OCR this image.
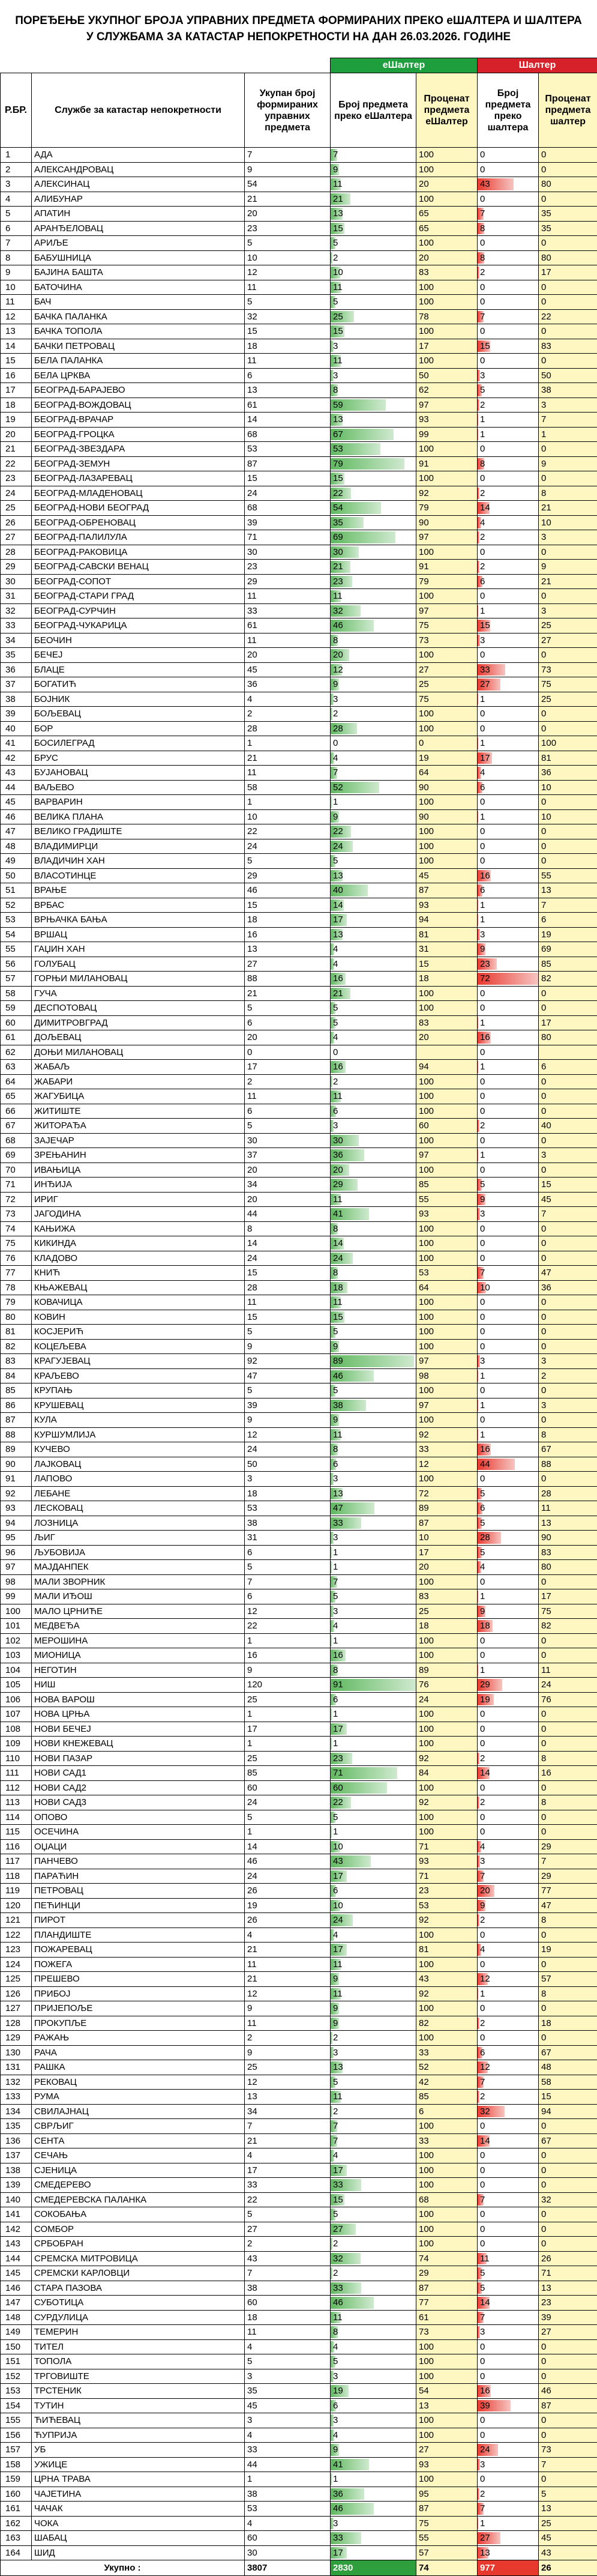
ПОРЕЂЕЊЕ УКУПНОГ БРОЈА УПРАВНИХ ПРЕДМЕТА ФОРМИРАНИХ ПРЕКО еШАЛТЕРА И ШАЛТЕРА У СЛУЖБАМА ЗА КАТАСТАР НЕПОКРЕТНОСТИ НА ДАН 26.03.2026. ГОДИНЕ
			еШалтер		Шалтер	
Р.БР.	Службе за катастар непокретности	Укупан број формираних управних предмета	Број предмета преко еШалтера	Проценат предмета еШалтер	Број предмета преко шалтера	Проценат предмета шалтер
1	АДА	7	7	100	0	0
2	АЛЕКСАНДРОВАЦ	9	9	100	0	0
3	АЛЕКСИНАЦ	54	11	20	43	80
4	АЛИБУНАР	21	21	100	0	0
5	АПАТИН	20	13	65	7	35
6	АРАНЂЕЛОВАЦ	23	15	65	8	35
7	АРИЉЕ	5	5	100	0	0
8	БАБУШНИЦА	10	2	20	8	80
9	БАЈИНА БАШТА	12	10	83	2	17
10	БАТОЧИНА	11	11	100	0	0
11	БАЧ	5	5	100	0	0
12	БАЧКА ПАЛАНКА	32	25	78	7	22
13	БАЧКА ТОПОЛА	15	15	100	0	0
14	БАЧКИ ПЕТРОВАЦ	18	3	17	15	83
15	БЕЛА ПАЛАНКА	11	11	100	0	0
16	БЕЛА ЦРКВА	6	3	50	3	50
17	БЕОГРАД-БАРАЈЕВО	13	8	62	5	38
18	БЕОГРАД-ВОЖДОВАЦ	61	59	97	2	3
19	БЕОГРАД-ВРАЧАР	14	13	93	1	7
20	БЕОГРАД-ГРОЦКА	68	67	99	1	1
21	БЕОГРАД-ЗВЕЗДАРА	53	53	100	0	0
22	БЕОГРАД-ЗЕМУН	87	79	91	8	9
23	БЕОГРАД-ЛАЗАРЕВАЦ	15	15	100	0	0
24	БЕОГРАД-МЛАДЕНОВАЦ	24	22	92	2	8
25	БЕОГРАД-НОВИ БЕОГРАД	68	54	79	14	21
26	БЕОГРАД-ОБРЕНОВАЦ	39	35	90	4	10
27	БЕОГРАД-ПАЛИЛУЛА	71	69	97	2	3
28	БЕОГРАД-РАКОВИЦА	30	30	100	0	0
29	БЕОГРАД-САВСКИ ВЕНАЦ	23	21	91	2	9
30	БЕОГРАД-СОПОТ	29	23	79	6	21
31	БЕОГРАД-СТАРИ ГРАД	11	11	100	0	0
32	БЕОГРАД-СУРЧИН	33	32	97	1	3
33	БЕОГРАД-ЧУКАРИЦА	61	46	75	15	25
34	БЕОЧИН	11	8	73	3	27
35	БЕЧЕЈ	20	20	100	0	0
36	БЛАЦЕ	45	12	27	33	73
37	БОГАТИЋ	36	9	25	27	75
38	БОЈНИК	4	3	75	1	25
39	БОЉЕВАЦ	2	2	100	0	0
40	БОР	28	28	100	0	0
41	БОСИЛЕГРАД	1	0	0	1	100
42	БРУС	21	4	19	17	81
43	БУЈАНОВАЦ	11	7	64	4	36
44	ВАЉЕВО	58	52	90	6	10
45	ВАРВАРИН	1	1	100	0	0
46	ВЕЛИКА ПЛАНА	10	9	90	1	10
47	ВЕЛИКО ГРАДИШТЕ	22	22	100	0	0
48	ВЛАДИМИРЦИ	24	24	100	0	0
49	ВЛАДИЧИН ХАН	5	5	100	0	0
50	ВЛАСОТИНЦЕ	29	13	45	16	55
51	ВРАЊЕ	46	40	87	6	13
52	ВРБАС	15	14	93	1	7
53	ВРЊАЧКА БАЊА	18	17	94	1	6
54	ВРШАЦ	16	13	81	3	19
55	ГАЏИН ХАН	13	4	31	9	69
56	ГОЛУБАЦ	27	4	15	23	85
57	ГОРЊИ МИЛАНОВАЦ	88	16	18	72	82
58	ГУЧА	21	21	100	0	0
59	ДЕСПОТОВАЦ	5	5	100	0	0
60	ДИМИТРОВГРАД	6	5	83	1	17
61	ДОЉЕВАЦ	20	4	20	16	80
62	ДОЊИ МИЛАНОВАЦ	0	0		0	
63	ЖАБАЉ	17	16	94	1	6
64	ЖАБАРИ	2	2	100	0	0
65	ЖАГУБИЦА	11	11	100	0	0
66	ЖИТИШТЕ	6	6	100	0	0
67	ЖИТОРАЂА	5	3	60	2	40
68	ЗАЈЕЧАР	30	30	100	0	0
69	ЗРЕЊАНИН	37	36	97	1	3
70	ИВАЊИЦА	20	20	100	0	0
71	ИНЂИЈА	34	29	85	5	15
72	ИРИГ	20	11	55	9	45
73	ЈАГОДИНА	44	41	93	3	7
74	КАЊИЖА	8	8	100	0	0
75	КИКИНДА	14	14	100	0	0
76	КЛАДОВО	24	24	100	0	0
77	КНИЋ	15	8	53	7	47
78	КЊАЖЕВАЦ	28	18	64	10	36
79	КОВАЧИЦА	11	11	100	0	0
80	КОВИН	15	15	100	0	0
81	КОСЈЕРИЋ	5	5	100	0	0
82	КОЦЕЉЕВА	9	9	100	0	0
83	КРАГУЈЕВАЦ	92	89	97	3	3
84	КРАЉЕВО	47	46	98	1	2
85	КРУПАЊ	5	5	100	0	0
86	КРУШЕВАЦ	39	38	97	1	3
87	КУЛА	9	9	100	0	0
88	КУРШУМЛИЈА	12	11	92	1	8
89	КУЧЕВО	24	8	33	16	67
90	ЛАЈКОВАЦ	50	6	12	44	88
91	ЛАПОВО	3	3	100	0	0
92	ЛЕБАНЕ	18	13	72	5	28
93	ЛЕСКОВАЦ	53	47	89	6	11
94	ЛОЗНИЦА	38	33	87	5	13
95	ЉИГ	31	3	10	28	90
96	ЉУБОВИЈА	6	1	17	5	83
97	МАЈДАНПЕК	5	1	20	4	80
98	МАЛИ ЗВОРНИК	7	7	100	0	0
99	МАЛИ ИЂОШ	6	5	83	1	17
100	МАЛО ЦРНИЋЕ	12	3	25	9	75
101	МЕДВЕЂА	22	4	18	18	82
102	МЕРОШИНА	1	1	100	0	0
103	МИОНИЦА	16	16	100	0	0
104	НЕГОТИН	9	8	89	1	11
105	НИШ	120	91	76	29	24
106	НОВА ВАРОШ	25	6	24	19	76
107	НОВА ЦРЊА	1	1	100	0	0
108	НОВИ БЕЧЕЈ	17	17	100	0	0
109	НОВИ КНЕЖЕВАЦ	1	1	100	0	0
110	НОВИ ПАЗАР	25	23	92	2	8
111	НОВИ САД1	85	71	84	14	16
112	НОВИ САД2	60	60	100	0	0
113	НОВИ САД3	24	22	92	2	8
114	ОПОВО	5	5	100	0	0
115	ОСЕЧИНА	1	1	100	0	0
116	ОЏАЦИ	14	10	71	4	29
117	ПАНЧЕВО	46	43	93	3	7
118	ПАРАЋИН	24	17	71	7	29
119	ПЕТРОВАЦ	26	6	23	20	77
120	ПЕЋИНЦИ	19	10	53	9	47
121	ПИРОТ	26	24	92	2	8
122	ПЛАНДИШТЕ	4	4	100	0	0
123	ПОЖАРЕВАЦ	21	17	81	4	19
124	ПОЖЕГА	11	11	100	0	0
125	ПРЕШЕВО	21	9	43	12	57
126	ПРИБОЈ	12	11	92	1	8
127	ПРИЈЕПОЉЕ	9	9	100	0	0
128	ПРОКУПЉЕ	11	9	82	2	18
129	РАЖАЊ	2	2	100	0	0
130	РАЧА	9	3	33	6	67
131	РАШКА	25	13	52	12	48
132	РЕКОВАЦ	12	5	42	7	58
133	РУМА	13	11	85	2	15
134	СВИЛАЈНАЦ	34	2	6	32	94
135	СВРЉИГ	7	7	100	0	0
136	СЕНТА	21	7	33	14	67
137	СЕЧАЊ	4	4	100	0	0
138	СЈЕНИЦА	17	17	100	0	0
139	СМЕДЕРЕВО	33	33	100	0	0
140	СМЕДЕРЕВСКА ПАЛАНКА	22	15	68	7	32
141	СОКОБАЊА	5	5	100	0	0
142	СОМБОР	27	27	100	0	0
143	СРБОБРАН	2	2	100	0	0
144	СРЕМСКА МИТРОВИЦА	43	32	74	11	26
145	СРЕМСКИ КАРЛОВЦИ	7	2	29	5	71
146	СТАРА ПАЗОВА	38	33	87	5	13
147	СУБОТИЦА	60	46	77	14	23
148	СУРДУЛИЦА	18	11	61	7	39
149	ТЕМЕРИН	11	8	73	3	27
150	ТИТЕЛ	4	4	100	0	0
151	ТОПОЛА	5	5	100	0	0
152	ТРГОВИШТЕ	3	3	100	0	0
153	ТРСТЕНИК	35	19	54	16	46
154	ТУТИН	45	6	13	39	87
155	ЋИЋЕВАЦ	3	3	100	0	0
156	ЋУПРИЈА	4	4	100	0	0
157	УБ	33	9	27	24	73
158	УЖИЦЕ	44	41	93	3	7
159	ЦРНА ТРАВА	1	1	100	0	0
160	ЧАЈЕТИНА	38	36	95	2	5
161	ЧАЧАК	53	46	87	7	13
162	ЧОКА	4	3	75	1	25
163	ШАБАЦ	60	33	55	27	45
164	ШИД	30	17	57	13	43
Укупно :		3807	2830	74	977	26
